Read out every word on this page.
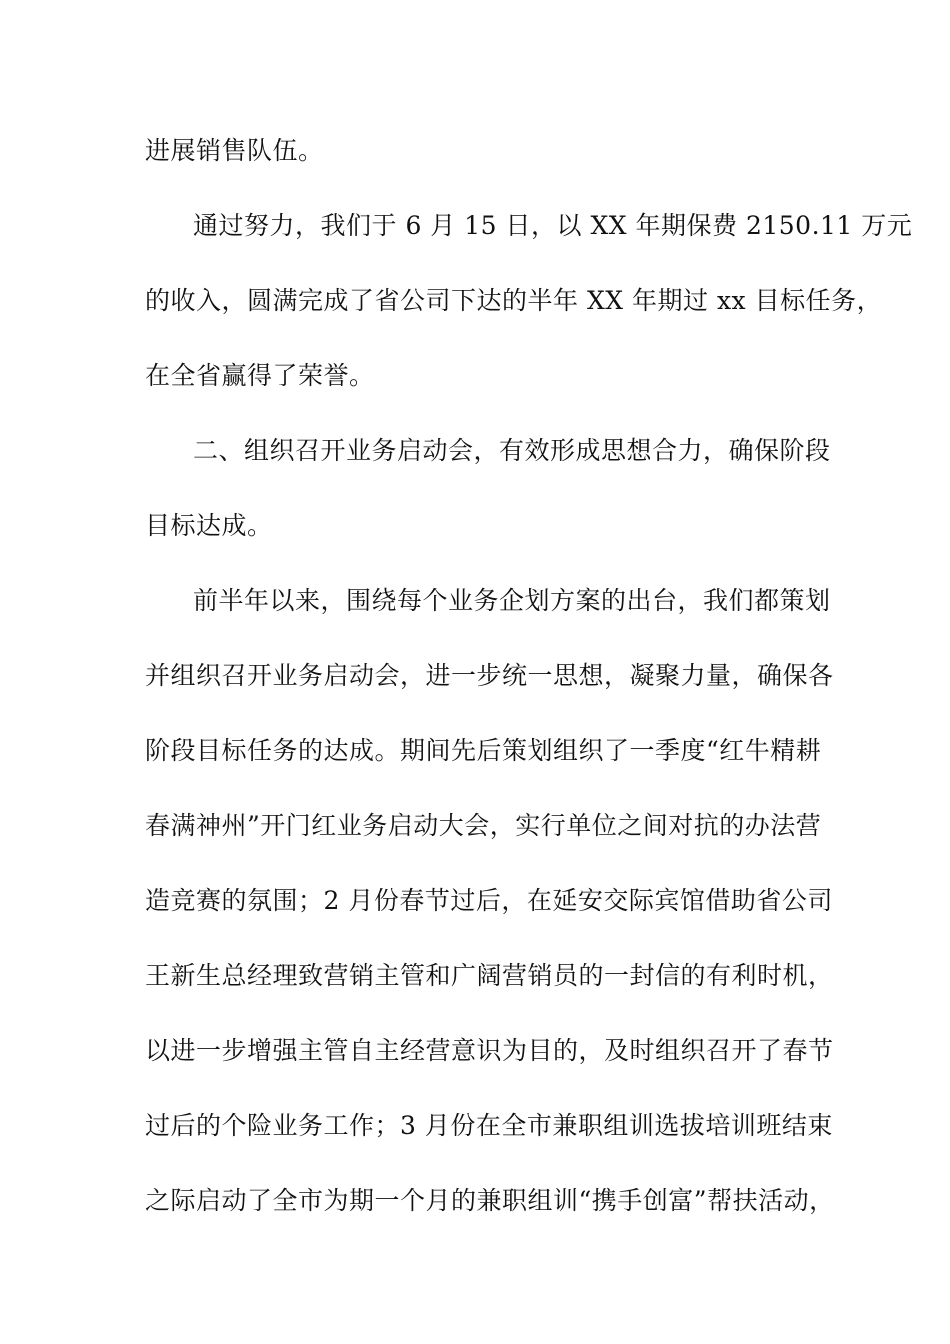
进展销售队伍。
通过努力，我们于 6 月 15 日，以 XX 年期保费 2150.11 万元
的收入，圆满完成了省公司下达的半年 XX 年期过 xx 目标任务，
在全省赢得了荣誉。
二、组织召开业务启动会，有效形成思想合力，确保阶段
目标达成。
前半年以来，围绕每个业务企划方案的出台，我们都策划
并组织召开业务启动会，进一步统一思想，凝聚力量，确保各
阶段目标任务的达成。期间先后策划组织了一季度“红牛精耕
春满神州”开门红业务启动大会，实行单位之间对抗的办法营
造竞赛的氛围；2 月份春节过后，在延安交际宾馆借助省公司
王新生总经理致营销主管和广阔营销员的一封信的有利时机，
以进一步增强主管自主经营意识为目的，及时组织召开了春节
过后的个险业务工作；3 月份在全市兼职组训选拔培训班结束
之际启动了全市为期一个月的兼职组训“携手创富”帮扶活动，
